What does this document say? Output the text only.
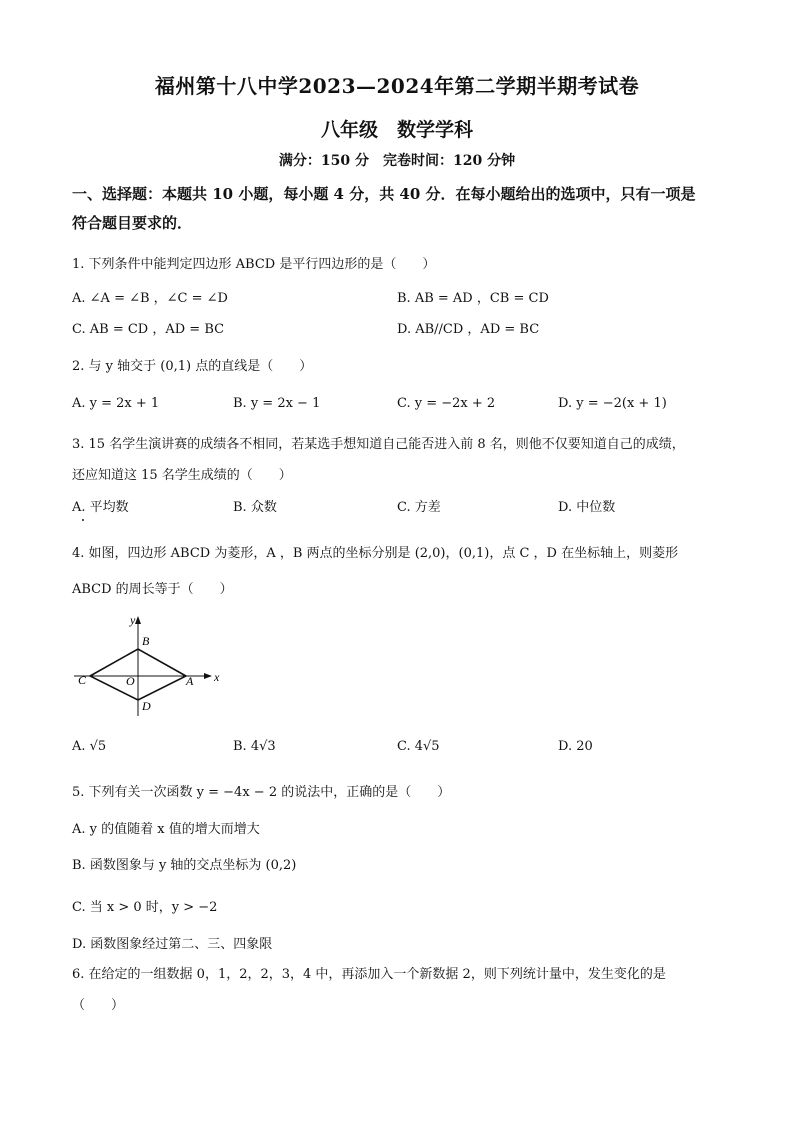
福州第十八中学2023—2024年第二学期半期考试卷
八年级　数学学科
满分：150 分　完卷时间：120 分钟
一、选择题：本题共 10 小题，每小题 4 分，共 40 分．在每小题给出的选项中，只有一项是
符合题目要求的．
1. 下列条件中能判定四边形 ABCD 是平行四边形的是（　　）
A. ∠A = ∠B ，∠C = ∠D	B. AB = AD ，CB = CD
C. AB = CD ，AD = BC	D. AB//CD ，AD = BC
2. 与 y 轴交于 (0,1) 点的直线是（　　）
A. y = 2x + 1	B. y = 2x − 1	C. y = −2x + 2	D. y = −2(x + 1)
3. 15 名学生演讲赛的成绩各不相同，若某选手想知道自己能否进入前 8 名，则他不仅要知道自己的成绩，
还应知道这 15 名学生成绩的（　　）
A. 平均数	B. 众数	C. 方差	D. 中位数
4. 如图，四边形 ABCD 为菱形，A ，B 两点的坐标分别是 (2,0)，(0,1)，点 C ，D 在坐标轴上，则菱形
ABCD 的周长等于（　　）
y
x
B
C	O	A
D
A. √5	B. 4√3	C. 4√5	D. 20
5. 下列有关一次函数 y = −4x − 2 的说法中，正确的是（　　）
A. y 的值随着 x 值的增大而增大
B. 函数图象与 y 轴的交点坐标为 (0,2)
C. 当 x > 0 时，y > −2
D. 函数图象经过第二、三、四象限
6. 在给定的一组数据 0，1，2，2，3，4 中，再添加入一个新数据 2，则下列统计量中，发生变化的是
（　　）
